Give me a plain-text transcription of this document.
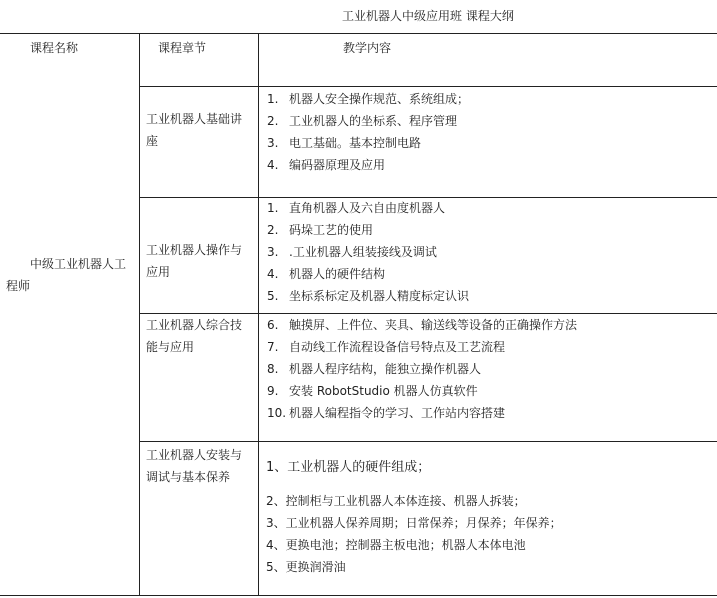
工业机器人中级应用班 课程大纲
课程名称	课程章节	教学内容
中级工业机器人工
程师
工业机器人基础讲
座
1. 机器人安全操作规范、系统组成；
2. 工业机器人的坐标系、程序管理
3. 电工基础。基本控制电路
4. 编码器原理及应用
工业机器人操作与
应用
1. 直角机器人及六自由度机器人
2. 码垛工艺的使用
3. .工业机器人组装接线及调试
4. 机器人的硬件结构
5. 坐标系标定及机器人精度标定认识
工业机器人综合技
能与应用
6. 触摸屏、上件位、夹具、输送线等设备的正确操作方法
7. 自动线工作流程设备信号特点及工艺流程
8. 机器人程序结构，能独立操作机器人
9. 安装 RobotStudio 机器人仿真软件
10. 机器人编程指令的学习、工作站内容搭建
工业机器人安装与
调试与基本保养
1、工业机器人的硬件组成；
2、控制柜与工业机器人本体连接、机器人拆装；
3、工业机器人保养周期；日常保养；月保养；年保养；
4、更换电池；控制器主板电池；机器人本体电池
5、更换润滑油
